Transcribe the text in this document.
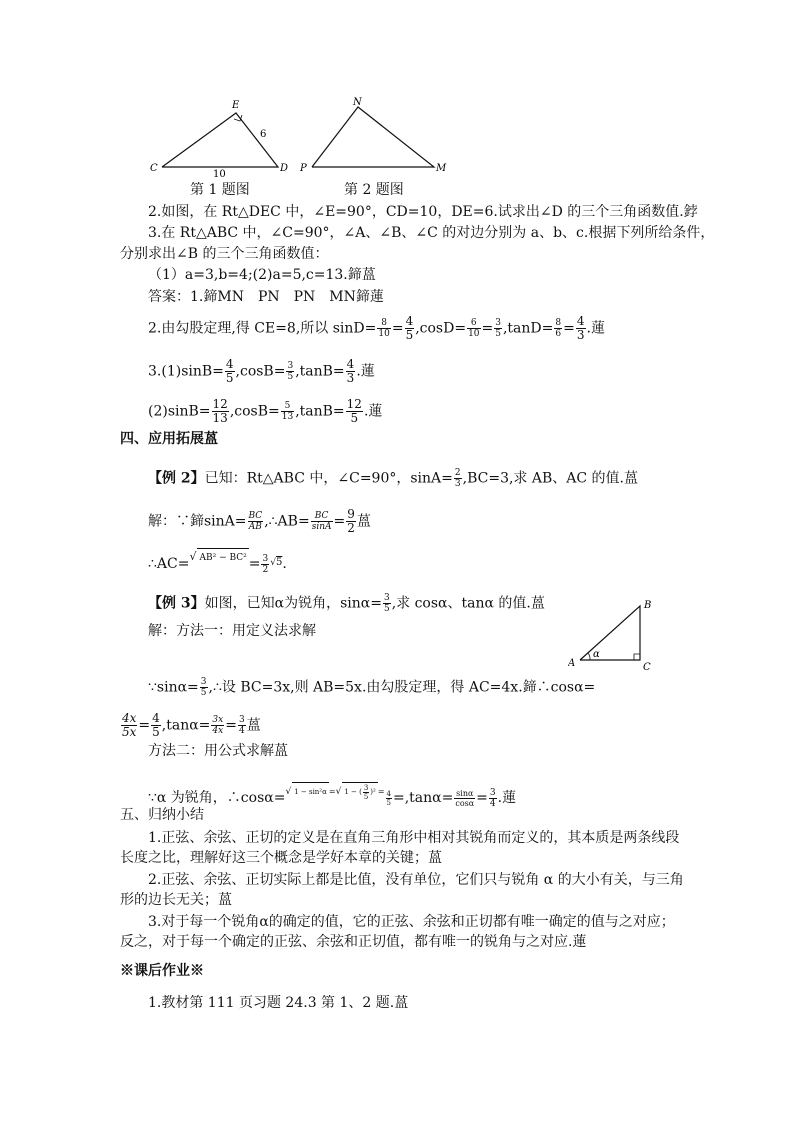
E
C	D
6
10
第 1 题图
N
P	M
第 2 题图
2.如图，在 Rt△DEC 中，∠E=90°，CD=10，DE=6.试求出∠D 的三个三角函数值.鋍
3.在 Rt△ABC 中，∠C=90°，∠A、∠B、∠C 的对边分别为 a、b、c.根据下列所给条件，
分别求出∠B 的三个三角函数值：
（1）a=3,b=4;(2)a=5,c=13.鍗蒕
答案：1.鍗MN　PN　PN　MN鍗蓮
2.由勾股定理,得 CE=8,所以 $\sin D= \frac{8}{10} = \frac{4}{5} ,\cos D= \frac{6}{10} = \frac{3}{5} ,\tan D= \frac{8}{6} = \frac{4}{3}$ .蓮
$3.(1)\sin B= \frac{4}{5} ,\cos B= \frac{3}{5} ,\tan B= \frac{4}{3}$ .蓮
$(2)\sin B= \frac{12}{13} ,\cos B= \frac{5}{13} ,\tan B= \frac{12}{5}$ .蓮
四、应用拓展蒕
【例 2】已知：Rt△ABC 中，∠C=90°，$\sin A= \frac{2}{3} ,BC=3$,求 AB、AC 的值.蒕
解：∵鍗$\sin A= \frac{BC}{AB}$ ,∴AB= $\frac{BC}{\sin A} = \frac{9}{2}$ 蒕
∴AC=√ $AB^2 - BC^2 = \frac{3}{2} ^{√5}$.
【例 3】如图，已知α为锐角，$\sin\alpha= \frac{3}{5}$ ,求 cosα、tanα 的值.蒕	B
A	C
α
解：方法一：用定义法求解
∵sinα= $\frac{3}{5}$ ,∴设 BC=3x,则 AB=5x.由勾股定理，得 AC=4x.鍗∴cosα=
$\frac{4x}{5x} = \frac{4}{5} ,\tan\alpha= \frac{3x}{4x} = \frac{3}{4}$ 蒕
方法二：用公式求解蒕
∵α 为锐角，∴cosα=√ 1 − sin²α =√ 1 − ( $\frac{3}{5} )^2$ $^= \frac{4}{5} =,\tan\alpha= \frac{\sin\alpha}{\cos\alpha} = \frac{3}{4}$ .蓮
五、归纳小结
1.正弦、余弦、正切的定义是在直角三角形中相对其锐角而定义的，其本质是两条线段
长度之比，理解好这三个概念是学好本章的关键；蒕
2.正弦、余弦、正切实际上都是比值，没有单位，它们只与锐角 α 的大小有关，与三角
形的边长无关；蒕
3.对于每一个锐角α的确定的值，它的正弦、余弦和正切都有唯一确定的值与之对应；
反之，对于每一个确定的正弦、余弦和正切值，都有唯一的锐角与之对应.蓮
※课后作业※
1.教材第 111 页习题 24.3 第 1、2 题.蒕
